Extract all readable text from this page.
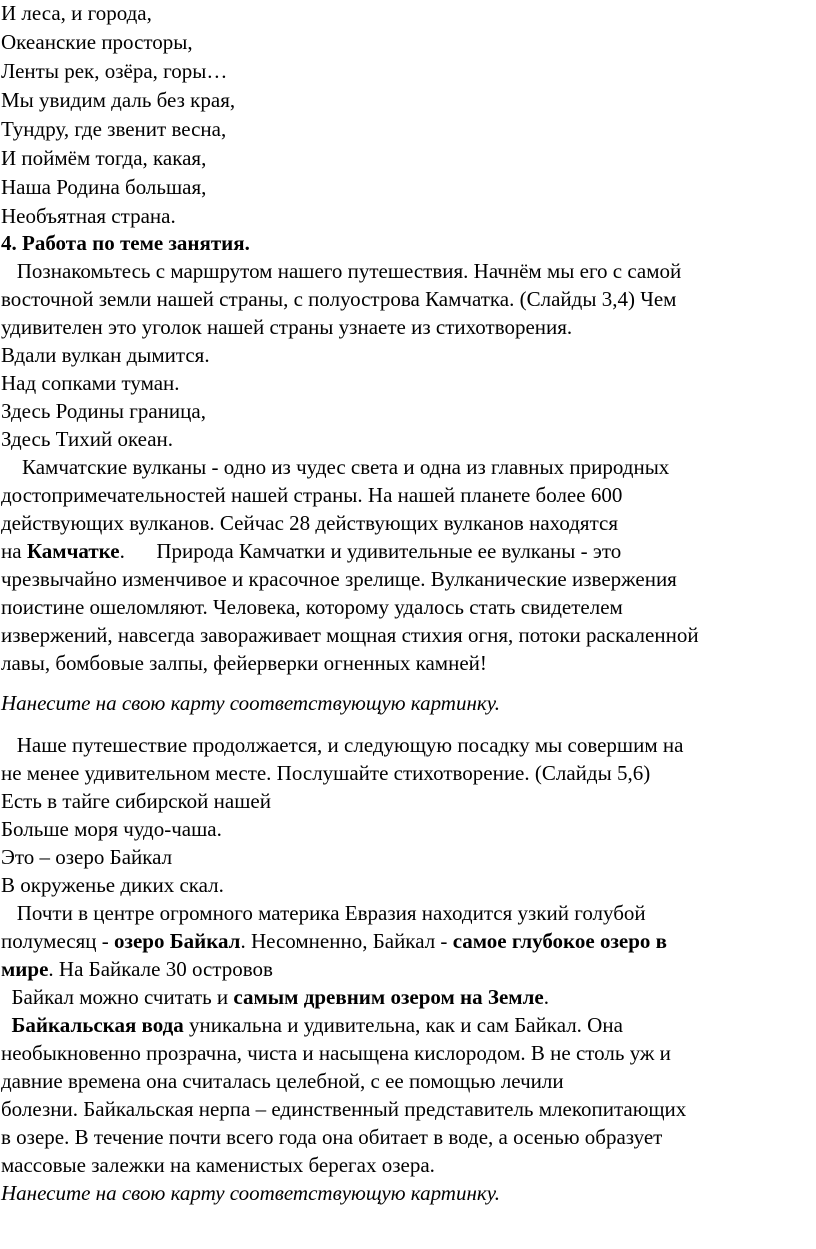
И леса, и города,
Океанские просторы,
Ленты рек, озёра, горы…
Мы увидим даль без края,
Тундру, где звенит весна,
И поймём тогда, какая,
Наша Родина большая,
Необъятная страна.
4. Работа по теме занятия.
Познакомьтесь с маршрутом нашего путешествия. Начнём мы его с самой
восточной земли нашей страны, с полуострова Камчатка. (Слайды 3,4) Чем
удивителен это уголок нашей страны узнаете из стихотворения.
Вдали вулкан дымится.
Над сопками туман.
Здесь Родины граница,
Здесь Тихий океан.
Камчатские вулканы - одно из чудес света и одна из главных природных
достопримечательностей нашей страны. На нашей планете более 600
действующих вулканов. Сейчас 28 действующих вулканов находятся
на Камчатке.      Природа Камчатки и удивительные ее вулканы - это
чрезвычайно изменчивое и красочное зрелище. Вулканические извержения
поистине ошеломляют. Человека, которому удалось стать свидетелем
извержений, навсегда завораживает мощная стихия огня, потоки раскаленной
лавы, бомбовые залпы, фейерверки огненных камней!
Нанесите на свою карту соответствующую картинку.
Наше путешествие продолжается, и следующую посадку мы совершим на
не менее удивительном месте. Послушайте стихотворение. (Слайды 5,6)
Есть в тайге сибирской нашей
Больше моря чудо-чаша.
Это – озеро Байкал
В окруженье диких скал.
Почти в центре огромного материка Евразия находится узкий голубой
полумесяц - озеро Байкал. Несомненно, Байкал - самое глубокое озеро в
мире. На Байкале 30 островов
Байкал можно считать и самым древним озером на Земле.
Байкальская вода уникальна и удивительна, как и сам Байкал. Она
необыкновенно прозрачна, чиста и насыщена кислородом. В не столь уж и
давние времена она считалась целебной, с ее помощью лечили
болезни. Байкальская нерпа – единственный представитель млекопитающих
в озере. В течение почти всего года она обитает в воде, а осенью образует
массовые залежки на каменистых берегах озера.
Нанесите на свою карту соответствующую картинку.
